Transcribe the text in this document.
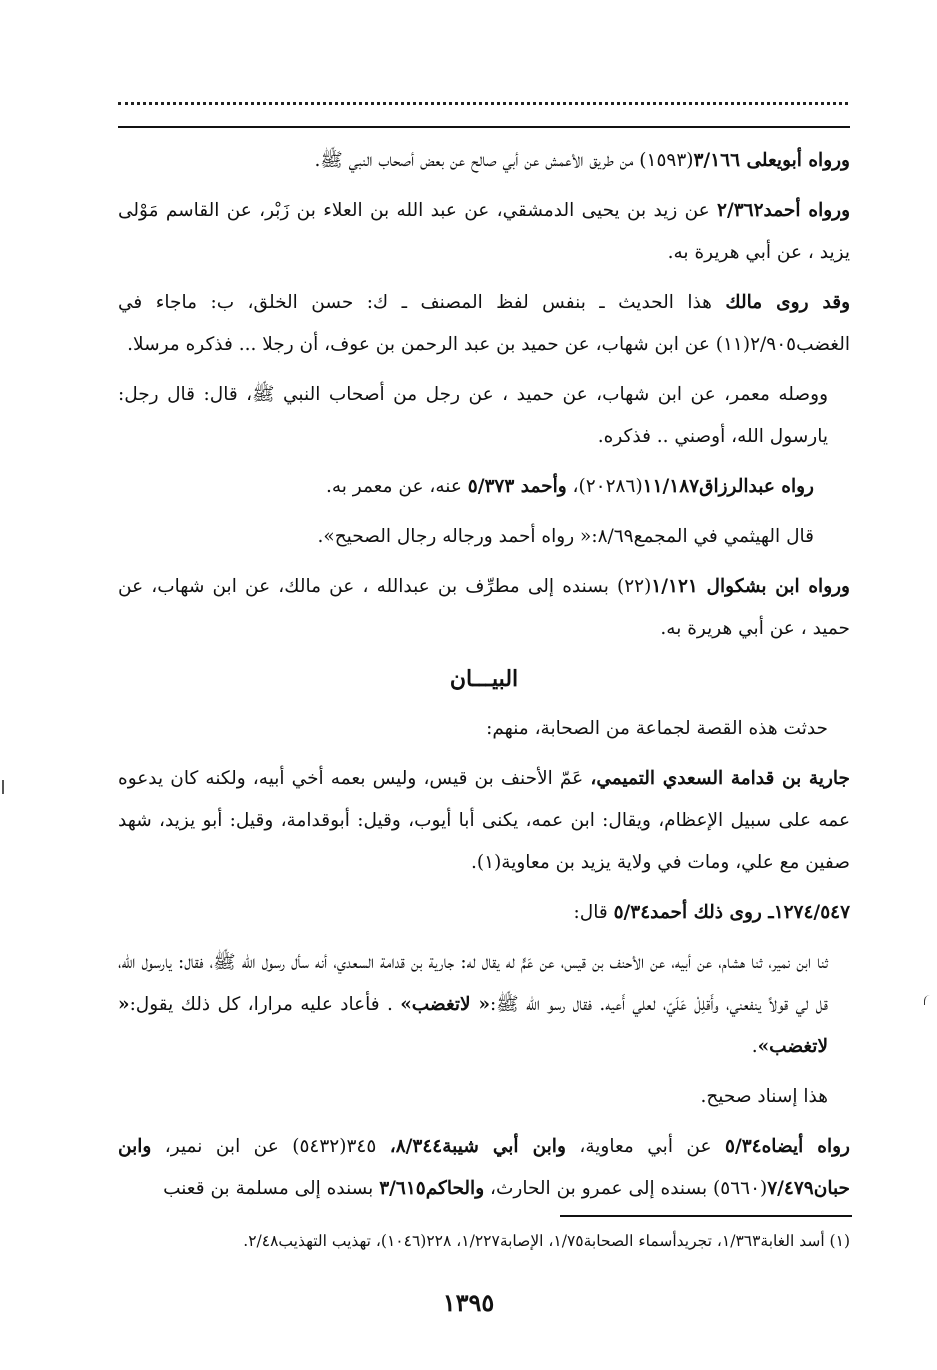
ورواه أبويعلى ٣/١٦٦(١٥٩٣) من طريق الأعمش عن أبي صالح عن بعض أصحاب النبي ﷺ.

ورواه أحمد٢/٣٦٢ عن زيد بن يحيى الدمشقي، عن عبد الله بن العلاء بن زَبْر، عن القاسم مَوْلى يزيد ، عن أبي هريرة به.

وقد روى مالك هذا الحديث ـ بنفس لفظ المصنف ـ ك: حسن الخلق، ب: ماجاء في الغضب٢/٩٠٥(١١) عن ابن شهاب، عن حميد بن عبد الرحمن بن عوف، أن رجلا ... فذكره مرسلا.

ووصله معمر، عن ابن شهاب، عن حميد ، عن رجل من أصحاب النبي ﷺ، قال: قال رجل: يارسول الله، أوصني .. فذكره.

رواه عبدالرزاق١١/١٨٧(٢٠٢٨٦)، وأحمد ٥/٣٧٣ عنه، عن معمر به.

قال الهيثمي في المجمع٨/٦٩:« رواه أحمد ورجاله رجال الصحيح».

ورواه ابن بشكوال ١/١٢١(٢٢) بسنده إلى مطرِّف بن عبدالله ، عن مالك، عن ابن شهاب، عن حميد ، عن أبي هريرة به.

البيـــان

حدثت هذه القصة لجماعة من الصحابة، منهم:

جارية بن قدامة السعدي التميمي، عَمّ الأحنف بن قيس، وليس بعمه أخي أبيه، ولكنه كان يدعوه عمه على سبيل الإعظام، ويقال: ابن عمه، يكنى أبا أيوب، وقيل: أبوقدامة، وقيل: أبو يزيد، شهد صفين مع علي، ومات في ولاية يزيد بن معاوية(١).

١٢٧٤/٥٤٧ـ روى ذلك أحمد٥/٣٤ قال:

ثنا ابن نمير، ثنا هشام، عن أبيه، عن الأحنف بن قيس، عن عَمٍّ له يقال له: جارية بن قدامة السعدي، أنه سأل رسول الله ﷺ، فقال: يارسول الله، قل لي قولاً ينفعني، وأَقلِلْ عَلَيّ، لعلي أَعيه. فقال رسو الله ﷺ:« لاتغضب» . فأعاد عليه مرارا، كل ذلك يقول:« لاتغضب».

هذا إسناد صحيح.

رواه أيضاه٥/٣٤ عن أبي معاوية، وابن أبي شيبة٨/٣٤٤، ٣٤٥(٥٤٣٢) عن ابن نمير، وابن حبان٧/٤٧٩(٥٦٦٠) بسنده إلى عمرو بن الحارث، والحاكم٣/٦١٥ بسنده إلى مسلمة بن قعنب

(١) أسد الغابة١/٣٦٣، تجريدأسماء الصحابة١/٧٥، الإصابة١/٢٢٧، ٢٢٨(١٠٤٦)، تهذيب التهذيب٢/٤٨.
١٣٩٥
